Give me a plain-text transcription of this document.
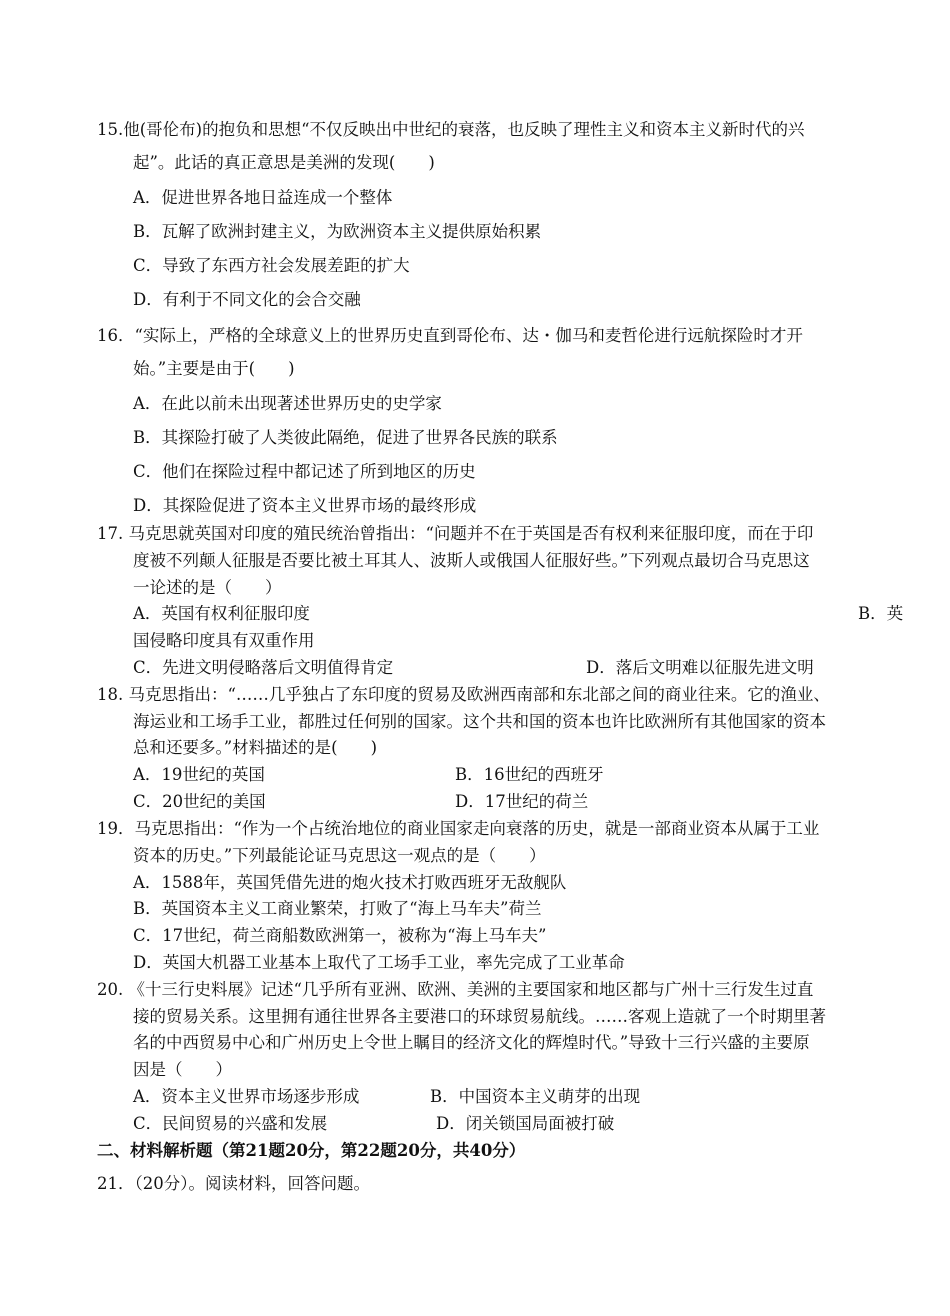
15.他(哥伦布)的抱负和思想“不仅反映出中世纪的衰落，也反映了理性主义和资本主义新时代的兴
起”。此话的真正意思是美洲的发现(　　)
A．促进世界各地日益连成一个整体
B．瓦解了欧洲封建主义，为欧洲资本主义提供原始积累
C．导致了东西方社会发展差距的扩大
D．有利于不同文化的会合交融
16．“实际上，严格的全球意义上的世界历史直到哥伦布、达・伽马和麦哲伦进行远航探险时才开
始。”主要是由于(　　)
A．在此以前未出现著述世界历史的史学家
B．其探险打破了人类彼此隔绝，促进了世界各民族的联系
C．他们在探险过程中都记述了所到地区的历史
D．其探险促进了资本主义世界市场的最终形成
17. 马克思就英国对印度的殖民统治曾指出：“问题并不在于英国是否有权利来征服印度，而在于印
度被不列颠人征服是否要比被土耳其人、波斯人或俄国人征服好些。”下列观点最切合马克思这
一论述的是（　　）
A．英国有权利征服印度	B．英
国侵略印度具有双重作用
C．先进文明侵略落后文明值得肯定	D．落后文明难以征服先进文明
18. 马克思指出：“……几乎独占了东印度的贸易及欧洲西南部和东北部之间的商业往来。它的渔业、
海运业和工场手工业，都胜过任何别的国家。这个共和国的资本也许比欧洲所有其他国家的资本
总和还要多。”材料描述的是(　　)
A．19世纪的英国	B．16世纪的西班牙
C．20世纪的美国	D．17世纪的荷兰
19．马克思指出：“作为一个占统治地位的商业国家走向衰落的历史，就是一部商业资本从属于工业
资本的历史。”下列最能论证马克思这一观点的是（　　）
A．1588年，英国凭借先进的炮火技术打败西班牙无敌舰队
B．英国资本主义工商业繁荣，打败了“海上马车夫”荷兰
C．17世纪，荷兰商船数欧洲第一，被称为“海上马车夫”
D．英国大机器工业基本上取代了工场手工业，率先完成了工业革命
20. 《十三行史料展》记述“几乎所有亚洲、欧洲、美洲的主要国家和地区都与广州十三行发生过直
接的贸易关系。这里拥有通往世界各主要港口的环球贸易航线。……客观上造就了一个时期里著
名的中西贸易中心和广州历史上令世上瞩目的经济文化的辉煌时代。”导致十三行兴盛的主要原
因是（　　）
A．资本主义世界市场逐步形成	B．中国资本主义萌芽的出现
C．民间贸易的兴盛和发展	D．闭关锁国局面被打破
二、材料解析题（第21题20分，第22题20分，共40分）
21．（20分）。阅读材料，回答问题。
